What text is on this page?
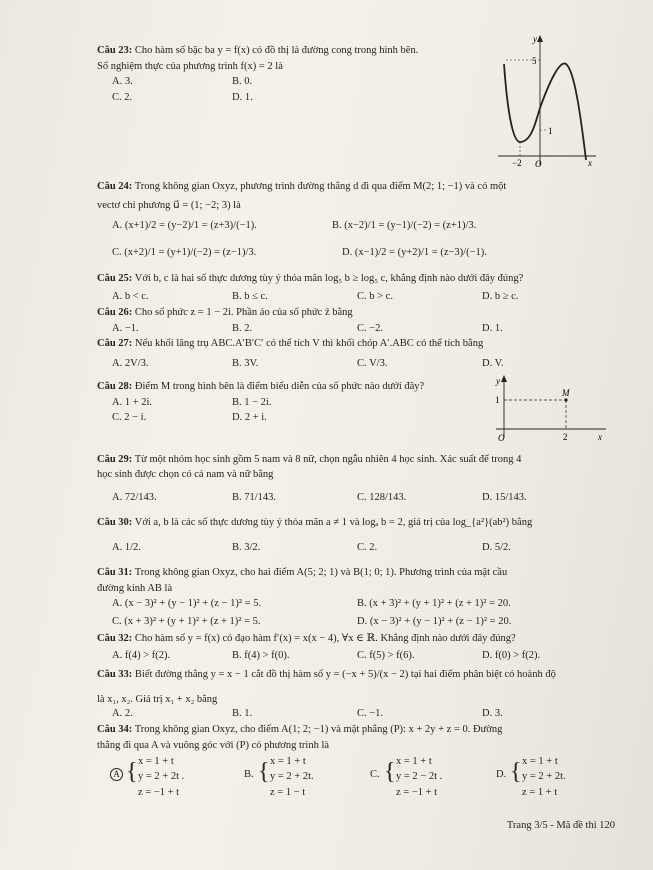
Câu 23: Cho hàm số bậc ba y = f(x) có đồ thị là đường cong trong hình bên.
Số nghiệm thực của phương trình f(x) = 2 là
A. 3.	B. 0.
C. 2.	D. 1.
y
5
1
−2 O	x
Câu 24: Trong không gian Oxyz, phương trình đường thẳng d đi qua điểm M(2; 1; −1) và có một
vectơ chỉ phương u⃗ = (1; −2; 3) là
A. (x+1)/2 = (y−2)/1 = (z+3)/(−1).	B. (x−2)/1 = (y−1)/(−2) = (z+1)/3.
C. (x+2)/1 = (y+1)/(−2) = (z−1)/3.	D. (x−1)/2 = (y+2)/1 = (z−3)/(−1).
Câu 25: Với b, c là hai số thực dương tùy ý thỏa mãn log₅ b ≥ log₅ c, khẳng định nào dưới đây đúng?
A. b < c.	B. b ≤ c.	C. b > c.	D. b ≥ c.
Câu 26: Cho số phức z = 1 − 2i. Phần ảo của số phức z̄ bằng
A. −1.	B. 2.	C. −2.	D. 1.
Câu 27: Nếu khối lăng trụ ABC.A′B′C′ có thể tích V thì khối chóp A′.ABC có thể tích bằng
A. 2V/3.	B. 3V.	C. V/3.	D. V.
Câu 28: Điểm M trong hình bên là điểm biểu diễn của số phức nào dưới đây?
A. 1 + 2i.	B. 1 − 2i.
C. 2 − i.	D. 2 + i.
y
M
1
2
O	x
Câu 29: Từ một nhóm học sinh gồm 5 nam và 8 nữ, chọn ngẫu nhiên 4 học sinh. Xác suất để trong 4
học sinh được chọn có cả nam và nữ bằng
A. 72/143.	B. 71/143.	C. 128/143.	D. 15/143.
Câu 30: Với a, b là các số thực dương tùy ý thỏa mãn a ≠ 1 và logₐ b = 2, giá trị của log_{a²}(ab²) bằng
A. 1/2.	B. 3/2.	C. 2.	D. 5/2.
Câu 31: Trong không gian Oxyz, cho hai điểm A(5; 2; 1) và B(1; 0; 1). Phương trình của mặt cầu
đường kính AB là
A. (x − 3)² + (y − 1)² + (z − 1)² = 5.	B. (x + 3)² + (y + 1)² + (z + 1)² = 20.
C. (x + 3)² + (y + 1)² + (z + 1)² = 5.	D. (x − 3)² + (y − 1)² + (z − 1)² = 20.
Câu 32: Cho hàm số y = f(x) có đạo hàm f′(x) = x(x − 4), ∀x ∈ ℝ. Khẳng định nào dưới đây đúng?
A. f(4) > f(2).	B. f(4) > f(0).	C. f(5) > f(6).	D. f(0) > f(2).
Câu 33: Biết đường thẳng y = x − 1 cắt đồ thị hàm số y = (−x + 5)/(x − 2) tại hai điểm phân biệt có hoành độ
là x₁, x₂. Giá trị x₁ + x₂ bằng
A. 2.	B. 1.	C. −1.	D. 3.
Câu 34: Trong không gian Oxyz, cho điểm A(1; 2; −1) và mặt phẳng (P): x + 2y + z = 0. Đường
thẳng đi qua A và vuông góc với (P) có phương trình là
A { x = 1 + t
y = 2 + 2t .
z = −1 + t
B. { x = 1 + t
y = 2 + 2t.
z = 1 − t
C. { x = 1 + t
y = 2 − 2t .
z = −1 + t
D. { x = 1 + t
y = 2 + 2t.
z = 1 + t
Trang 3/5 - Mã đề thi 120
